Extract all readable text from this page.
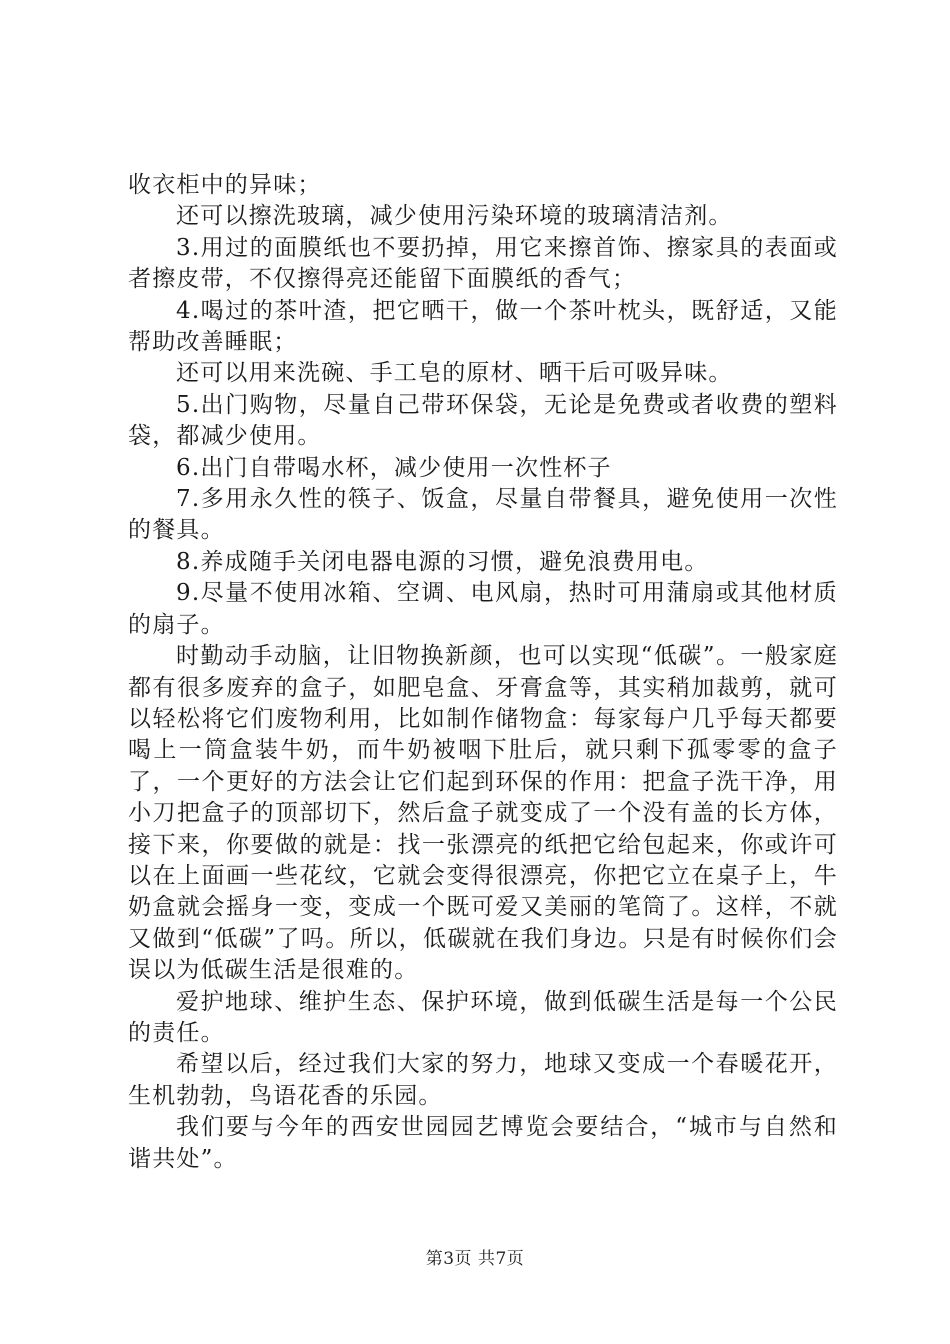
收衣柜中的异味；

还可以擦洗玻璃，减少使用污染环境的玻璃清洁剂。

3.用过的面膜纸也不要扔掉，用它来擦首饰、擦家具的表面或者擦皮带，不仅擦得亮还能留下面膜纸的香气；

4.喝过的茶叶渣，把它晒干，做一个茶叶枕头，既舒适，又能帮助改善睡眠；

还可以用来洗碗、手工皂的原材、晒干后可吸异味。

5.出门购物，尽量自己带环保袋，无论是免费或者收费的塑料袋，都减少使用。

6.出门自带喝水杯，减少使用一次性杯子

7.多用永久性的筷子、饭盒，尽量自带餐具，避免使用一次性的餐具。

8.养成随手关闭电器电源的习惯，避免浪费用电。

9.尽量不使用冰箱、空调、电风扇，热时可用蒲扇或其他材质的扇子。

时勤动手动脑，让旧物换新颜，也可以实现“低碳”。一般家庭都有很多废弃的盒子，如肥皂盒、牙膏盒等，其实稍加裁剪，就可以轻松将它们废物利用，比如制作储物盒：每家每户几乎每天都要喝上一筒盒装牛奶，而牛奶被咽下肚后，就只剩下孤零零的盒子了，一个更好的方法会让它们起到环保的作用：把盒子洗干净，用小刀把盒子的顶部切下，然后盒子就变成了一个没有盖的长方体，接下来，你要做的就是：找一张漂亮的纸把它给包起来，你或许可以在上面画一些花纹，它就会变得很漂亮，你把它立在桌子上，牛奶盒就会摇身一变，变成一个既可爱又美丽的笔筒了。这样，不就又做到“低碳”了吗。所以，低碳就在我们身边。只是有时候你们会误以为低碳生活是很难的。

爱护地球、维护生态、保护环境，做到低碳生活是每一个公民的责任。

希望以后，经过我们大家的努力，地球又变成一个春暖花开，生机勃勃，鸟语花香的乐园。

我们要与今年的西安世园园艺博览会要结合，“城市与自然和谐共处”。

第3页 共7页
